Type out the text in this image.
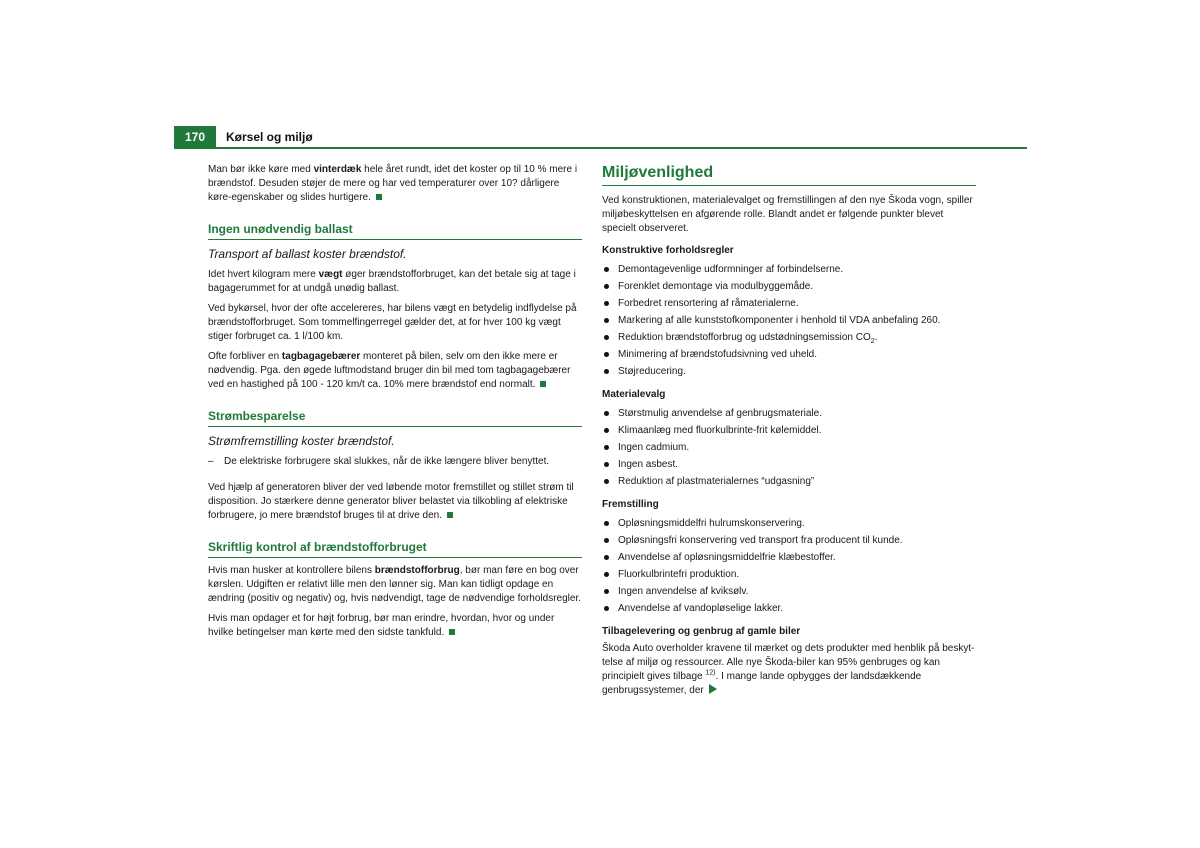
170	Kørsel og miljø

Man bør ikke køre med vinterdæk hele året rundt, idet det koster op til 10 % mere i brændstof. Desuden støjer de mere og har ved temperaturer over 10? dårligere køre-egenskaber og slides hurtigere.

Ingen unødvendig ballast
Transport af ballast koster brændstof.

Idet hvert kilogram mere vægt øger brændstofforbruget, kan det betale sig at tage i bagagerummet for at undgå unødig ballast.

Ved bykørsel, hvor der ofte accelereres, har bilens vægt en betydelig indflydelse på brændstofforbruget. Som tommelfingerregel gælder det, at for hver 100 kg vægt stiger forbruget ca. 1 l/100 km.

Ofte forbliver en tagbagagebærer monteret på bilen, selv om den ikke mere er nødvendig. Pga. den øgede luftmodstand bruger din bil med tom tagbagagebærer ved en hastighed på 100 - 120 km/t ca. 10% mere brændstof end normalt.

Strømbesparelse
Strømfremstilling koster brændstof.
– De elektriske forbrugere skal slukkes, når de ikke længere bliver benyttet.

Ved hjælp af generatoren bliver der ved løbende motor fremstillet og stillet strøm til disposition. Jo stærkere denne generator bliver belastet via tilkobling af elektriske forbrugere, jo mere brændstof bruges til at drive den.

Skriftlig kontrol af brændstofforbruget

Hvis man husker at kontrollere bilens brændstofforbrug, bør man føre en bog over kørslen. Udgiften er relativt lille men den lønner sig. Man kan tidligt opdage en ændring (positiv og negativ) og, hvis nødvendigt, tage de nødvendige forholdsregler.

Hvis man opdager et for højt forbrug, bør man erindre, hvordan, hvor og under hvilke betingelser man kørte med den sidste tankfuld.

Miljøvenlighed

Ved konstruktionen, materialevalget og fremstillingen af den nye Škoda vogn, spiller miljøbeskyttelsen en afgørende rolle. Blandt andet er følgende punkter blevet specielt observeret.

Konstruktive forholdsregler
Demontagevenlige udformninger af forbindelserne.
Forenklet demontage via modulbyggemåde.
Forbedret rensortering af råmaterialerne.
Markering af alle kunststofkomponenter i henhold til VDA anbefaling 260.
Reduktion brændstofforbrug og udstødningsemission $CO_2$.
Minimering af brændstofudsivning ved uheld.
Støjreducering.
Materialevalg
Størstmulig anvendelse af genbrugsmateriale.
Klimaanlæg med fluorkulbrinte-frit kølemiddel.
Ingen cadmium.
Ingen asbest.
Reduktion af plastmaterialernes “udgasning”
Fremstilling
Opløsningsmiddelfri hulrumskonservering.
Opløsningsfri konservering ved transport fra producent til kunde.
Anvendelse af opløsningsmiddelfrie klæbestoffer.
Fluorkulbrintefri produktion.
Ingen anvendelse af kviksølv.
Anvendelse af vandopløselige lakker.
Tilbagelevering og genbrug af gamle biler

Škoda Auto overholder kravene til mærket og dets produkter med henblik på beskyt-telse af miljø og ressourcer. Alle nye Škoda-biler kan 95% genbruges og kan principielt gives tilbage $^{12)}$. I mange lande opbygges der landsdækkende genbrugssystemer, der
